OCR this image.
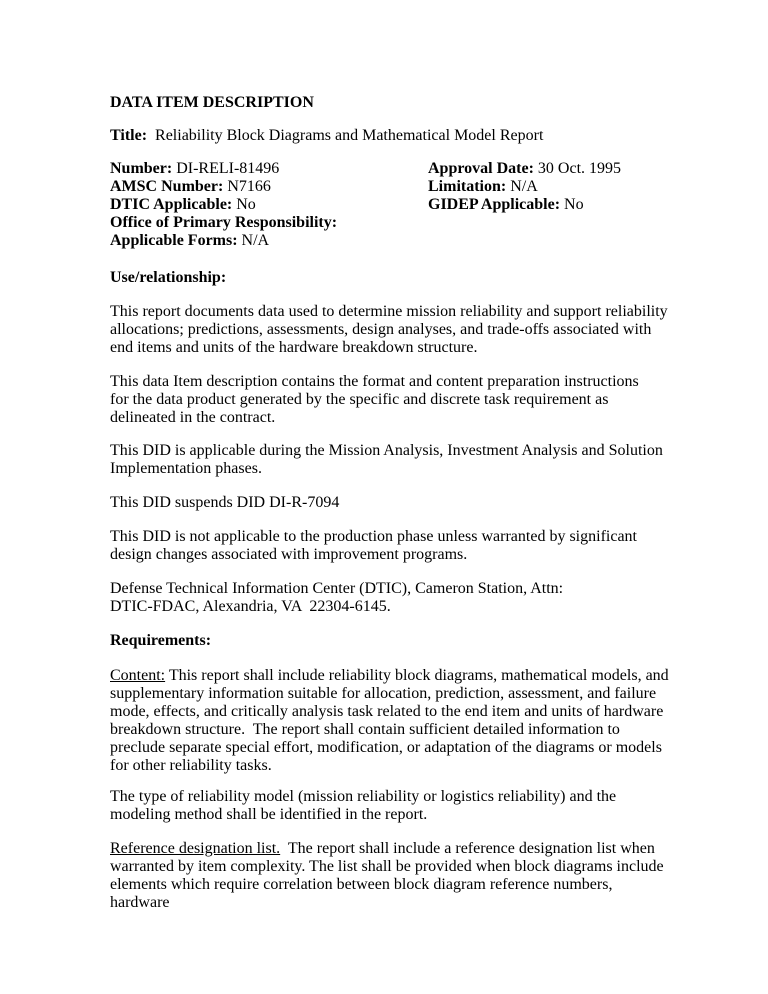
DATA ITEM DESCRIPTION

Title: Reliability Block Diagrams and Mathematical Model Report

Number: DI-RELI-81496
AMSC Number: N7166
DTIC Applicable: No
Office of Primary Responsibility:
Applicable Forms: N/A
Approval Date: 30 Oct. 1995
Limitation: N/A
GIDEP Applicable: No

Use/relationship:

This report documents data used to determine mission reliability and support reliability allocations; predictions, assessments, design analyses, and trade-offs associated with end items and units of the hardware breakdown structure.

This data Item description contains the format and content preparation instructions    for the data product generated by the specific and discrete task requirement as delineated in the contract.

This DID is applicable during the Mission Analysis, Investment Analysis and Solution Implementation phases.

This DID suspends DID DI-R-7094

This DID is not applicable to the production phase unless warranted by significant design changes associated with improvement programs.

Defense Technical Information Center (DTIC), Cameron Station, Attn:
DTIC-FDAC, Alexandria, VA  22304-6145.

Requirements:

Content: This report shall include reliability block diagrams, mathematical models, and supplementary information suitable for allocation, prediction, assessment, and failure mode, effects, and critically analysis task related to the end item and units of hardware breakdown structure.  The report shall contain sufficient detailed information to preclude separate special effort, modification, or adaptation of the diagrams or models for other reliability tasks.

The type of reliability model (mission reliability or logistics reliability) and the modeling method shall be identified in the report.

Reference designation list.  The report shall include a reference designation list when warranted by item complexity. The list shall be provided when block diagrams include elements which require correlation between block diagram reference numbers, hardware
